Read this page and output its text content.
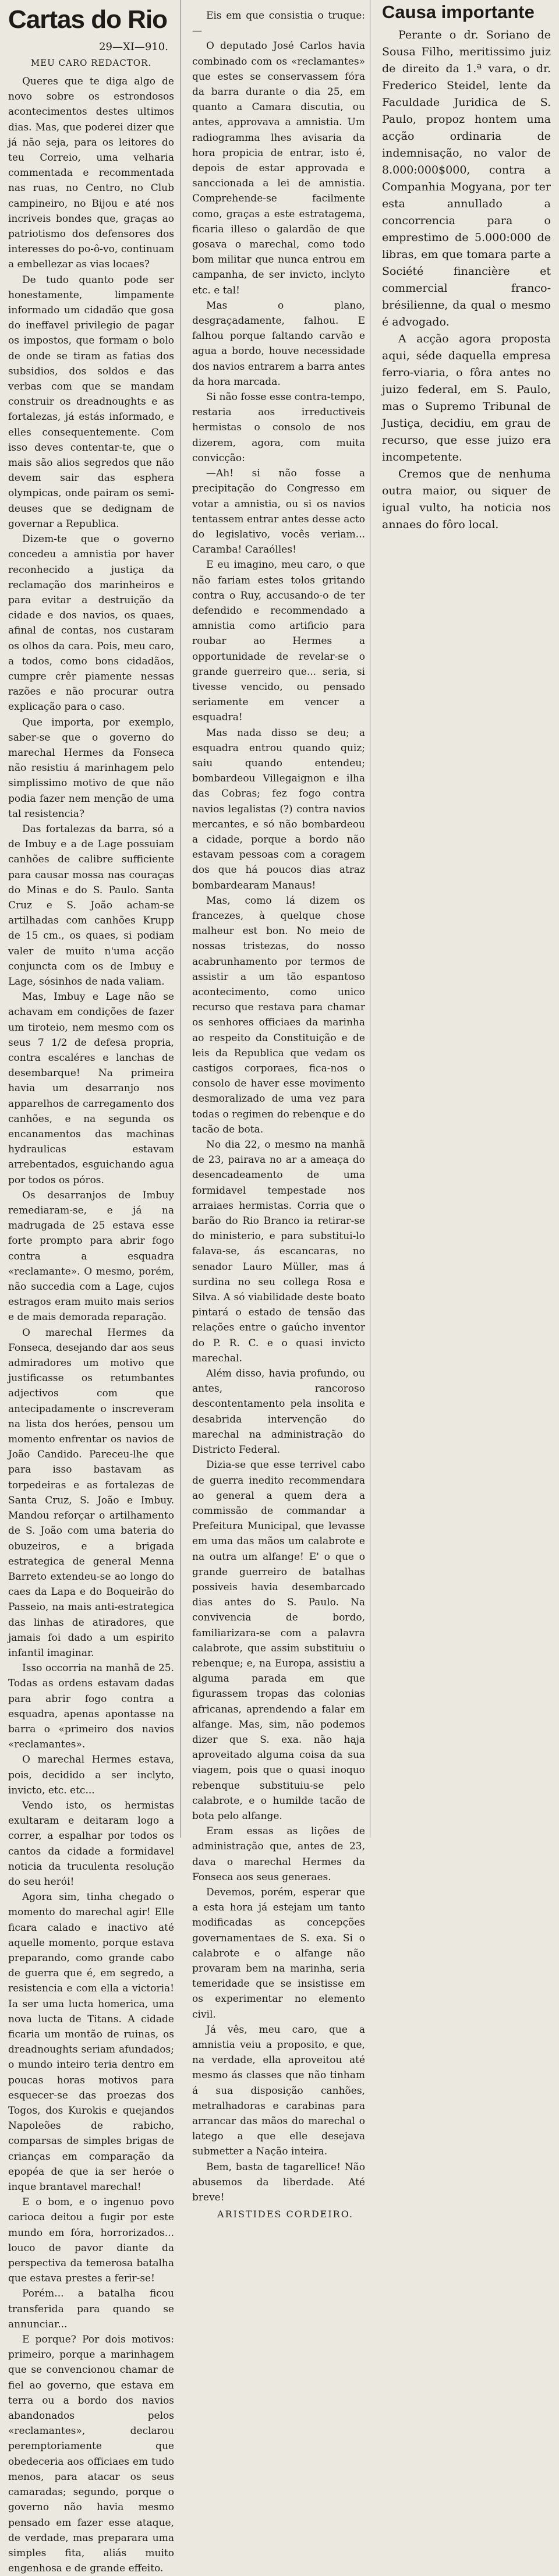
Cartas do Rio
29—XI—910.
MEU CARO REDACTOR.

Queres que te diga algo de novo sobre os estrondosos acontecimentos destes ultimos dias. Mas, que poderei dizer que já não seja, para os leitores do teu Correio, uma velharia commentada e recommentada nas ruas, no Centro, no Club campineiro, no Bijou e até nos incriveis bondes que, graças ao patriotismo dos defensores dos interesses do po-ô-vo, continuam a embellezar as vias locaes?

De tudo quanto pode ser honestamente, limpamente informado um cidadão que gosa do ineffavel privilegio de pagar os impostos, que formam o bolo de onde se tiram as fatias dos subsidios, dos soldos e das verbas com que se mandam construir os dreadnoughts e as fortalezas, já estás informado, e elles consequentemente. Com isso deves contentar-te, que o mais são alios segredos que não devem sair das esphera olympicas, onde pairam os semi-deuses que se dedignam de governar a Republica.

Dizem-te que o governo concedeu a amnistia por haver reconhecido a justiça da reclamação dos marinheiros e para evitar a destruição da cidade e dos navios, os quaes, afinal de contas, nos custaram os olhos da cara. Pois, meu caro, a todos, como bons cidadãos, cumpre crêr piamente nessas razões e não procurar outra explicação para o caso.

Que importa, por exemplo, saber-se que o governo do marechal Hermes da Fonseca não resistiu á marinhagem pelo simplissimo motivo de que não podia fazer nem menção de uma tal resistencia?

Das fortalezas da barra, só a de Imbuy e a de Lage possuiam canhões de calibre sufficiente para causar mossa nas couraças do Minas e do S. Paulo. Santa Cruz e S. João acham-se artilhadas com canhões Krupp de 15 cm., os quaes, si podiam valer de muito n'uma acção conjuncta com os de Imbuy e Lage, sósinhos de nada valiam.

Mas, Imbuy e Lage não se achavam em condições de fazer um tiroteio, nem mesmo com os seus 7 1/2 de defesa propria, contra escaléres e lanchas de desembarque! Na primeira havia um desarranjo nos apparelhos de carregamento dos canhões, e na segunda os encanamentos das machinas hydraulicas estavam arrebentados, esguichando agua por todos os póros.

Os desarranjos de Imbuy remediaram-se, e já na madrugada de 25 estava esse forte prompto para abrir fogo contra a esquadra «reclamante». O mesmo, porém, não succedia com a Lage, cujos estragos eram muito mais serios e de mais demorada reparação.

O marechal Hermes da Fonseca, desejando dar aos seus admiradores um motivo que justificasse os retumbantes adjectivos com que antecipadamente o inscreveram na lista dos heróes, pensou um momento enfrentar os navios de João Candido. Pareceu-lhe que para isso bastavam as torpedeiras e as fortalezas de Santa Cruz, S. João e Imbuy. Mandou reforçar o artilhamento de S. João com uma bateria do obuzeiros, e a brigada estrategica de general Menna Barreto extendeu-se ao longo do caes da Lapa e do Boqueirão do Passeio, na mais anti-estrategica das linhas de atiradores, que jamais foi dado a um espirito infantil imaginar.

Isso occorria na manhã de 25. Todas as ordens estavam dadas para abrir fogo contra a esquadra, apenas apontasse na barra o «primeiro dos navios «reclamantes».

O marechal Hermes estava, pois, decidido a ser inclyto, invicto, etc. etc...

Vendo isto, os hermistas exultaram e deitaram logo a correr, a espalhar por todos os cantos da cidade a formidavel noticia da truculenta resolução do seu herói!

Agora sim, tinha chegado o momento do marechal agir! Elle ficara calado e inactivo até aquelle momento, porque estava preparando, como grande cabo de guerra que é, em segredo, a resistencia e com ella a victoria! Ia ser uma lucta homerica, uma nova lucta de Titans. A cidade ficaria um montão de ruinas, os dreadnoughts seriam afundados; o mundo inteiro teria dentro em poucas horas motivos para esquecer-se das proezas dos Togos, dos Kurokis e quejandos Napoleões de rabicho, comparsas de simples brigas de crianças em comparação da epopéa de que ia ser heróe o inque brantavel marechal!

E o bom, e o ingenuo povo carioca deitou a fugir por este mundo em fóra, horrorizados... louco de pavor diante da perspectiva da temerosa batalha que estava prestes a ferir-se!

Porém... a batalha ficou transferida para quando se annunciar...

E porque? Por dois motivos: primeiro, porque a marinhagem que se convencionou chamar de fiel ao governo, que estava em terra ou a bordo dos navios abandonados pelos «reclamantes», declarou peremptoriamente que obedeceria aos officiaes em tudo menos, para atacar os seus camaradas; segundo, porque o governo não havia mesmo pensado em fazer esse ataque, de verdade, mas preparara uma simples fita, aliás muito engenhosa e de grande effeito.

Eis em que consistia o truque:—

O deputado José Carlos havia combinado com os «reclamantes» que estes se conservassem fóra da barra durante o dia 25, em quanto a Camara discutia, ou antes, approvava a amnistia. Um radiogramma lhes avisaria da hora propicia de entrar, isto é, depois de estar approvada e sanccionada a lei de amnistia. Comprehende-se facilmente como, graças a este estratagema, ficaria illeso o galardão de que gosava o marechal, como todo bom militar que nunca entrou em campanha, de ser invicto, inclyto etc. e tal!

Mas o plano, desgraçadamente, falhou. E falhou porque faltando carvão e agua a bordo, houve necessidade dos navios entrarem a barra antes da hora marcada.

Si não fosse esse contra-tempo, restaria aos irreductiveis hermistas o consolo de nos dizerem, agora, com muita convicção:

—Ah! si não fosse a precipitação do Congresso em votar a amnistia, ou si os navios tentassem entrar antes desse acto do legislativo, vocês veriam... Caramba! Caraólles!

E eu imagino, meu caro, o que não fariam estes tolos gritando contra o Ruy, accusando-o de ter defendido e recommendado a amnistia como artificio para roubar ao Hermes a opportunidade de revelar-se o grande guerreiro que... seria, si tivesse vencido, ou pensado seriamente em vencer a esquadra!

Mas nada disso se deu; a esquadra entrou quando quiz; saiu quando entendeu; bombardeou Villegaignon e ilha das Cobras; fez fogo contra navios legalistas (?) contra navios mercantes, e só não bombardeou a cidade, porque a bordo não estavam pessoas com a coragem dos que há poucos dias atraz bombardearam Manaus!

Mas, como lá dizem os francezes, à quelque chose malheur est bon. No meio de nossas tristezas, do nosso acabrunhamento por termos de assistir a um tão espantoso acontecimento, como unico recurso que restava para chamar os senhores officiaes da marinha ao respeito da Constituição e de leis da Republica que vedam os castigos corporaes, fica-nos o consolo de haver esse movimento desmoralizado de uma vez para todas o regimen do rebenque e do tacão de bota.

No dia 22, o mesmo na manhã de 23, pairava no ar a ameaça do desencadeamento de uma formidavel tempestade nos arraiaes hermistas. Corria que o barão do Rio Branco ia retirar-se do ministerio, e para substitui-lo falava-se, ás escancaras, no senador Lauro Müller, mas á surdina no seu collega Rosa e Silva. A só viabilidade deste boato pintará o estado de tensão das relações entre o gaúcho inventor do P. R. C. e o quasi invicto marechal.

Além disso, havia profundo, ou antes, rancoroso descontentamento pela insolita e desabrida intervenção do marechal na administração do Districto Federal.

Dizia-se que esse terrivel cabo de guerra inedito recommendara ao general a quem dera a commissão de commandar a Prefeitura Municipal, que levasse em uma das mãos um calabrote e na outra um alfange! E' o que o grande guerreiro de batalhas possiveis havia desembarcado dias antes do S. Paulo. Na convivencia de bordo, familiarizara-se com a palavra calabrote, que assim substituiu o rebenque; e, na Europa, assistiu a alguma parada em que figurassem tropas das colonias africanas, aprendendo a falar em alfange. Mas, sim, não podemos dizer que S. exa. não haja aproveitado alguma coisa da sua viagem, pois que o quasi inoquo rebenque substituiu-se pelo calabrote, e o humilde tacão de bota pelo alfange.

Eram essas as lições de administração que, antes de 23, dava o marechal Hermes da Fonseca aos seus generaes.

Devemos, porém, esperar que a esta hora já estejam um tanto modificadas as concepções governamentaes de S. exa. Si o calabrote e o alfange não provaram bem na marinha, seria temeridade que se insistisse em os experimentar no elemento civil.

Já vês, meu caro, que a amnistia veiu a proposito, e que, na verdade, ella aproveitou até mesmo ás classes que não tinham á sua disposição canhões, metralhadoras e carabinas para arrancar das mãos do marechal o latego a que elle desejava submetter a Nação inteira.

Bem, basta de tagarellice! Não abusemos da liberdade. Até breve!

ARISTIDES CORDEIRO.
Causa importante

Perante o dr. Soriano de Sousa Filho, meritissimo juiz de direito da 1.ª vara, o dr. Frederico Steidel, lente da Faculdade Juridica de S. Paulo, propoz hontem uma acção ordinaria de indemnisação, no valor de 8.000:000$000, contra a Companhia Mogyana, por ter esta annullado a concorrencia para o emprestimo de 5.000:000 de libras, em que tomara parte a Société financière et commercial franco-brésilienne, da qual o mesmo é advogado.

A acção agora proposta aqui, séde daquella empresa ferro-viaria, o fôra antes no juizo federal, em S. Paulo, mas o Supremo Tribunal de Justiça, decidiu, em grau de recurso, que esse juizo era incompetente.

Cremos que de nenhuma outra maior, ou siquer de igual vulto, ha noticia nos annaes do fôro local.
